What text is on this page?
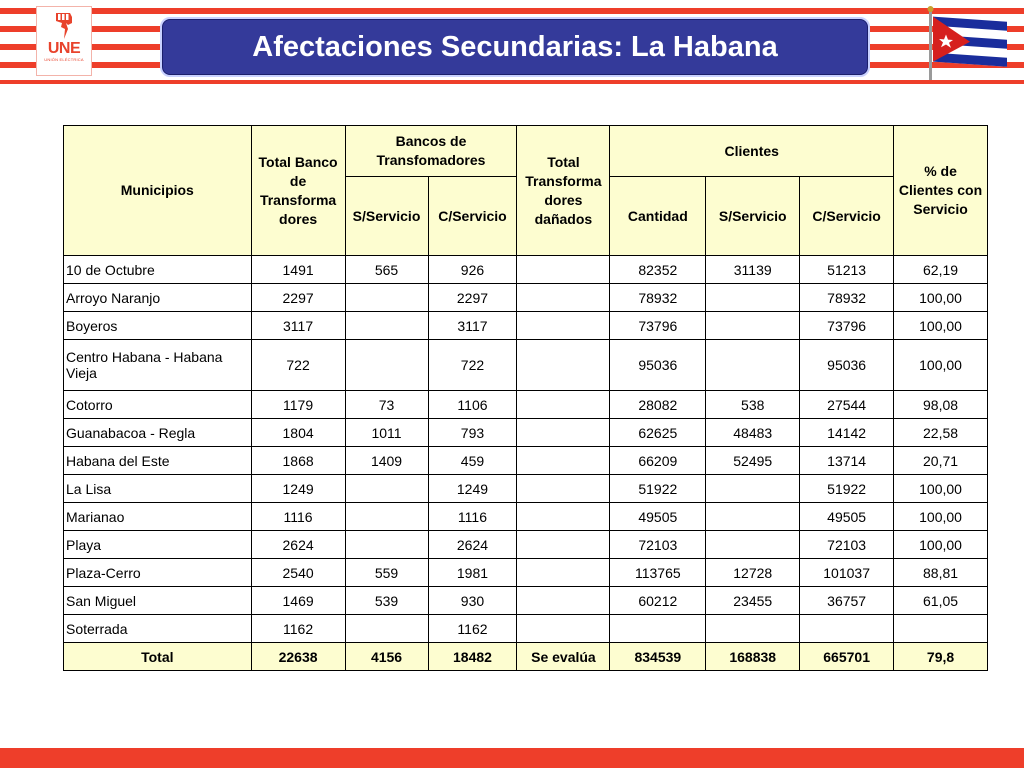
UNE
UNIÓN ELÉCTRICA	Afectaciones Secundarias: La Habana
Municipios	Total Banco de Transforma dores	Bancos de Transfomadores		Total Transforma dores dañados	Clientes			% de Clientes con Servicio
		S/Servicio	C/Servicio		Cantidad	S/Servicio	C/Servicio	
10 de Octubre	1491	565	926		82352	31139	51213	62,19
Arroyo Naranjo	2297		2297		78932		78932	100,00
Boyeros	3117		3117		73796		73796	100,00
Centro Habana - Habana Vieja	722		722		95036		95036	100,00
Cotorro	1179	73	1106		28082	538	27544	98,08
Guanabacoa - Regla	1804	1011	793		62625	48483	14142	22,58
Habana del Este	1868	1409	459		66209	52495	13714	20,71
La Lisa	1249		1249		51922		51922	100,00
Marianao	1116		1116		49505		49505	100,00
Playa	2624		2624		72103		72103	100,00
Plaza-Cerro	2540	559	1981		113765	12728	101037	88,81
San Miguel	1469	539	930		60212	23455	36757	61,05
Soterrada	1162		1162					
Total	22638	4156	18482	Se evalúa	834539	168838	665701	79,8
